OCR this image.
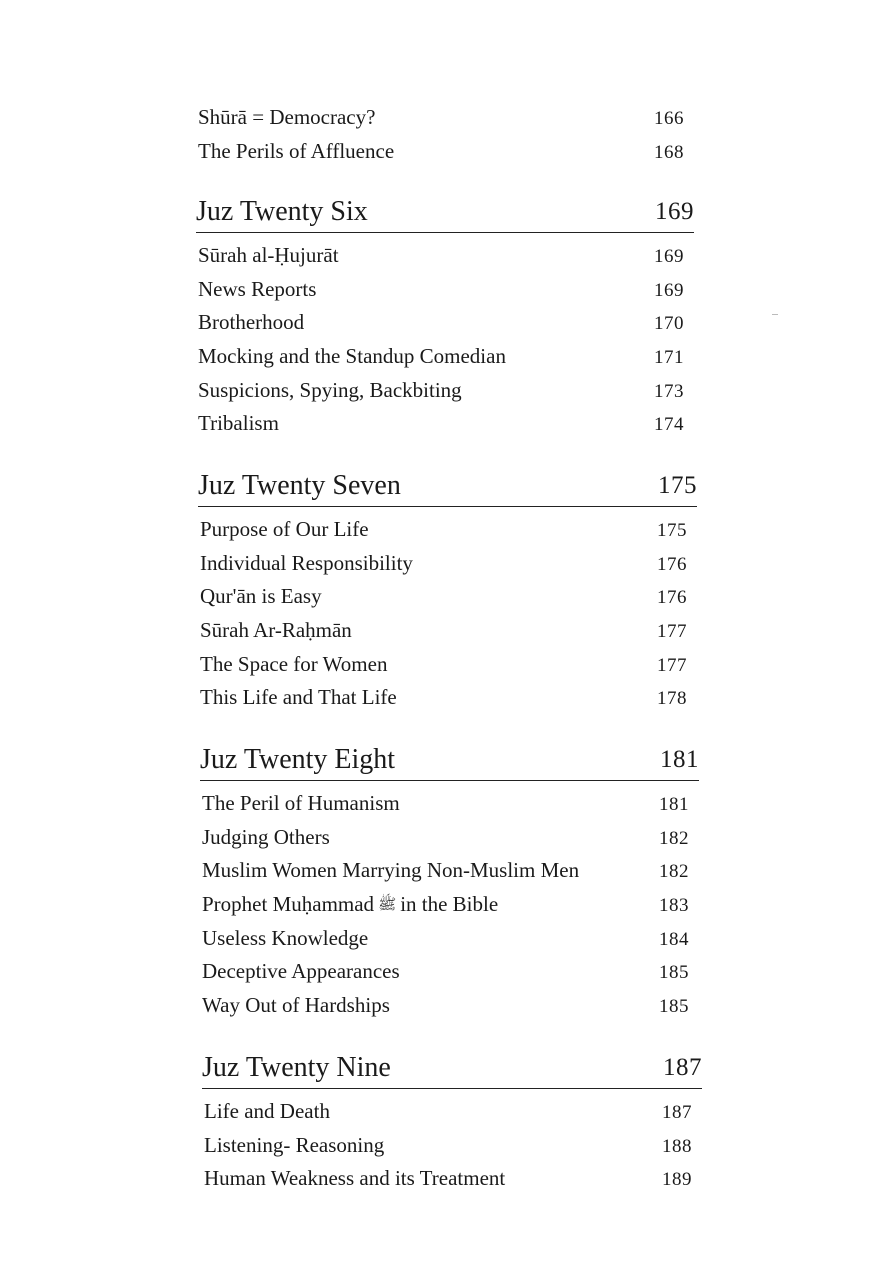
Shūrā = Democracy?	166
The Perils of Affluence	168
Juz Twenty Six	169
Sūrah al-Ḥujurāt	169
News Reports	169
Brotherhood	170
Mocking and the Standup Comedian	171
Suspicions, Spying, Backbiting	173
Tribalism	174
Juz Twenty Seven	175
Purpose of Our Life	175
Individual Responsibility	176
Qur'ān is Easy	176
Sūrah Ar-Raḥmān	177
The Space for Women	177
This Life and That Life	178
Juz Twenty Eight	181
The Peril of Humanism	181
Judging Others	182
Muslim Women Marrying Non-Muslim Men	182
Prophet Muḥammad ﷺ in the Bible	183
Useless Knowledge	184
Deceptive Appearances	185
Way Out of Hardships	185
Juz Twenty Nine	187
Life and Death	187
Listening- Reasoning	188
Human Weakness and its Treatment	189
